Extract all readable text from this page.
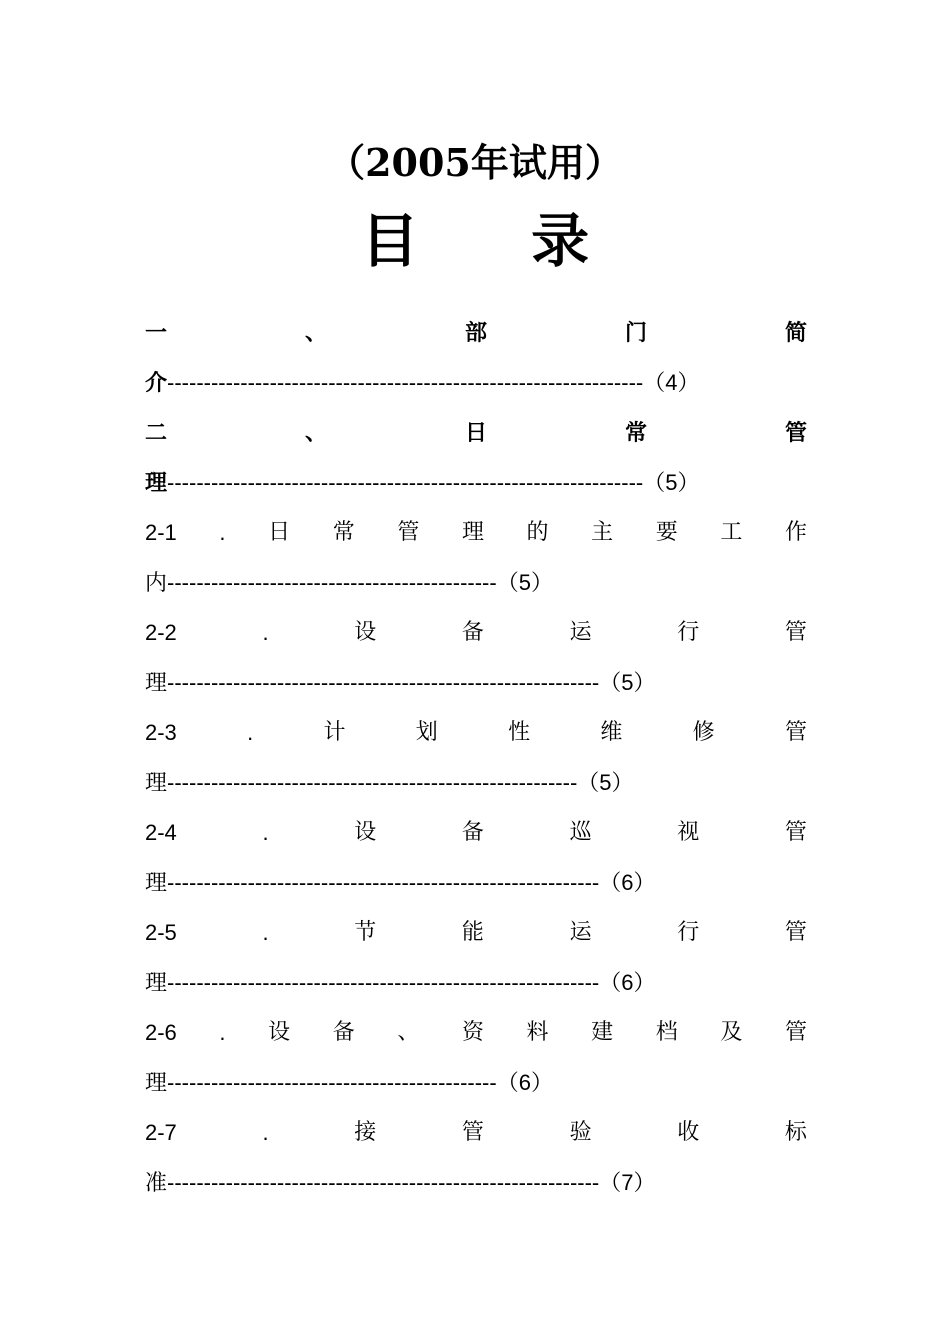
（2005年试用）
目 录
一	、	部	门	简
介-----------------------------------------------------------------（4）
二	、	日	常	管
理-----------------------------------------------------------------（5）
2-1 . 日 常 管 理 的 主 要 工 作
内---------------------------------------------（5）
2-2	.	设	备	运	行	管
理-----------------------------------------------------------（5）
2-3	.	计	划	性	维	修	管
理--------------------------------------------------------（5）
2-4	.	设	备	巡	视	管
理-----------------------------------------------------------（6）
2-5	.	节	能	运	行	管
理-----------------------------------------------------------（6）
2-6 . 设 备 、 资 料 建 档 及 管
理---------------------------------------------（6）
2-7	.	接	管	验	收	标
准-----------------------------------------------------------（7）
